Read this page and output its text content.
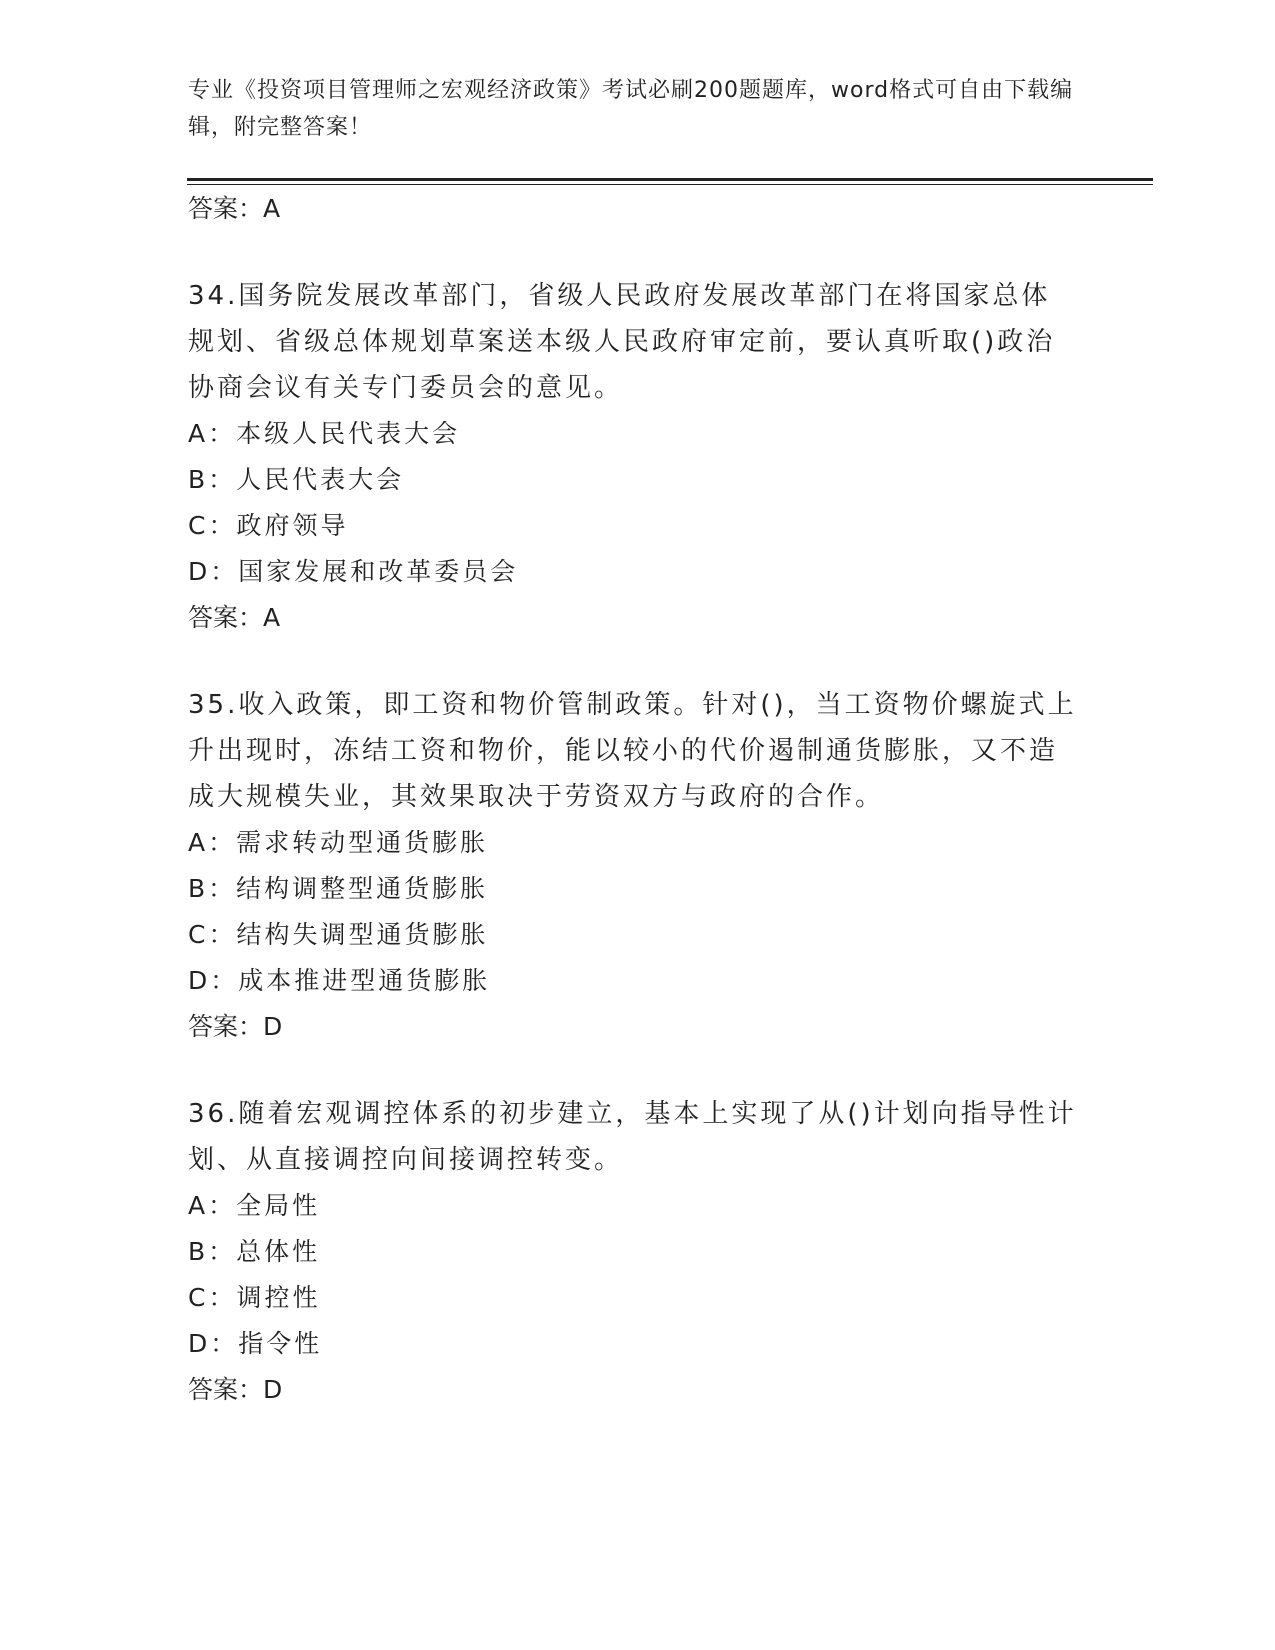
专业《投资项目管理师之宏观经济政策》考试必刷200题题库，word格式可自由下载编辑，附完整答案！

答案：A

34.国务院发展改革部门，省级人民政府发展改革部门在将国家总体规划、省级总体规划草案送本级人民政府审定前，要认真听取()政治协商会议有关专门委员会的意见。

A：本级人民代表大会

B：人民代表大会

C：政府领导

D：国家发展和改革委员会

答案：A

35.收入政策，即工资和物价管制政策。针对()，当工资物价螺旋式上升出现时，冻结工资和物价，能以较小的代价遏制通货膨胀，又不造成大规模失业，其效果取决于劳资双方与政府的合作。

A：需求转动型通货膨胀

B：结构调整型通货膨胀

C：结构失调型通货膨胀

D：成本推进型通货膨胀

答案：D

36.随着宏观调控体系的初步建立，基本上实现了从()计划向指导性计划、从直接调控向间接调控转变。

A：全局性

B：总体性

C：调控性

D：指令性

答案：D
